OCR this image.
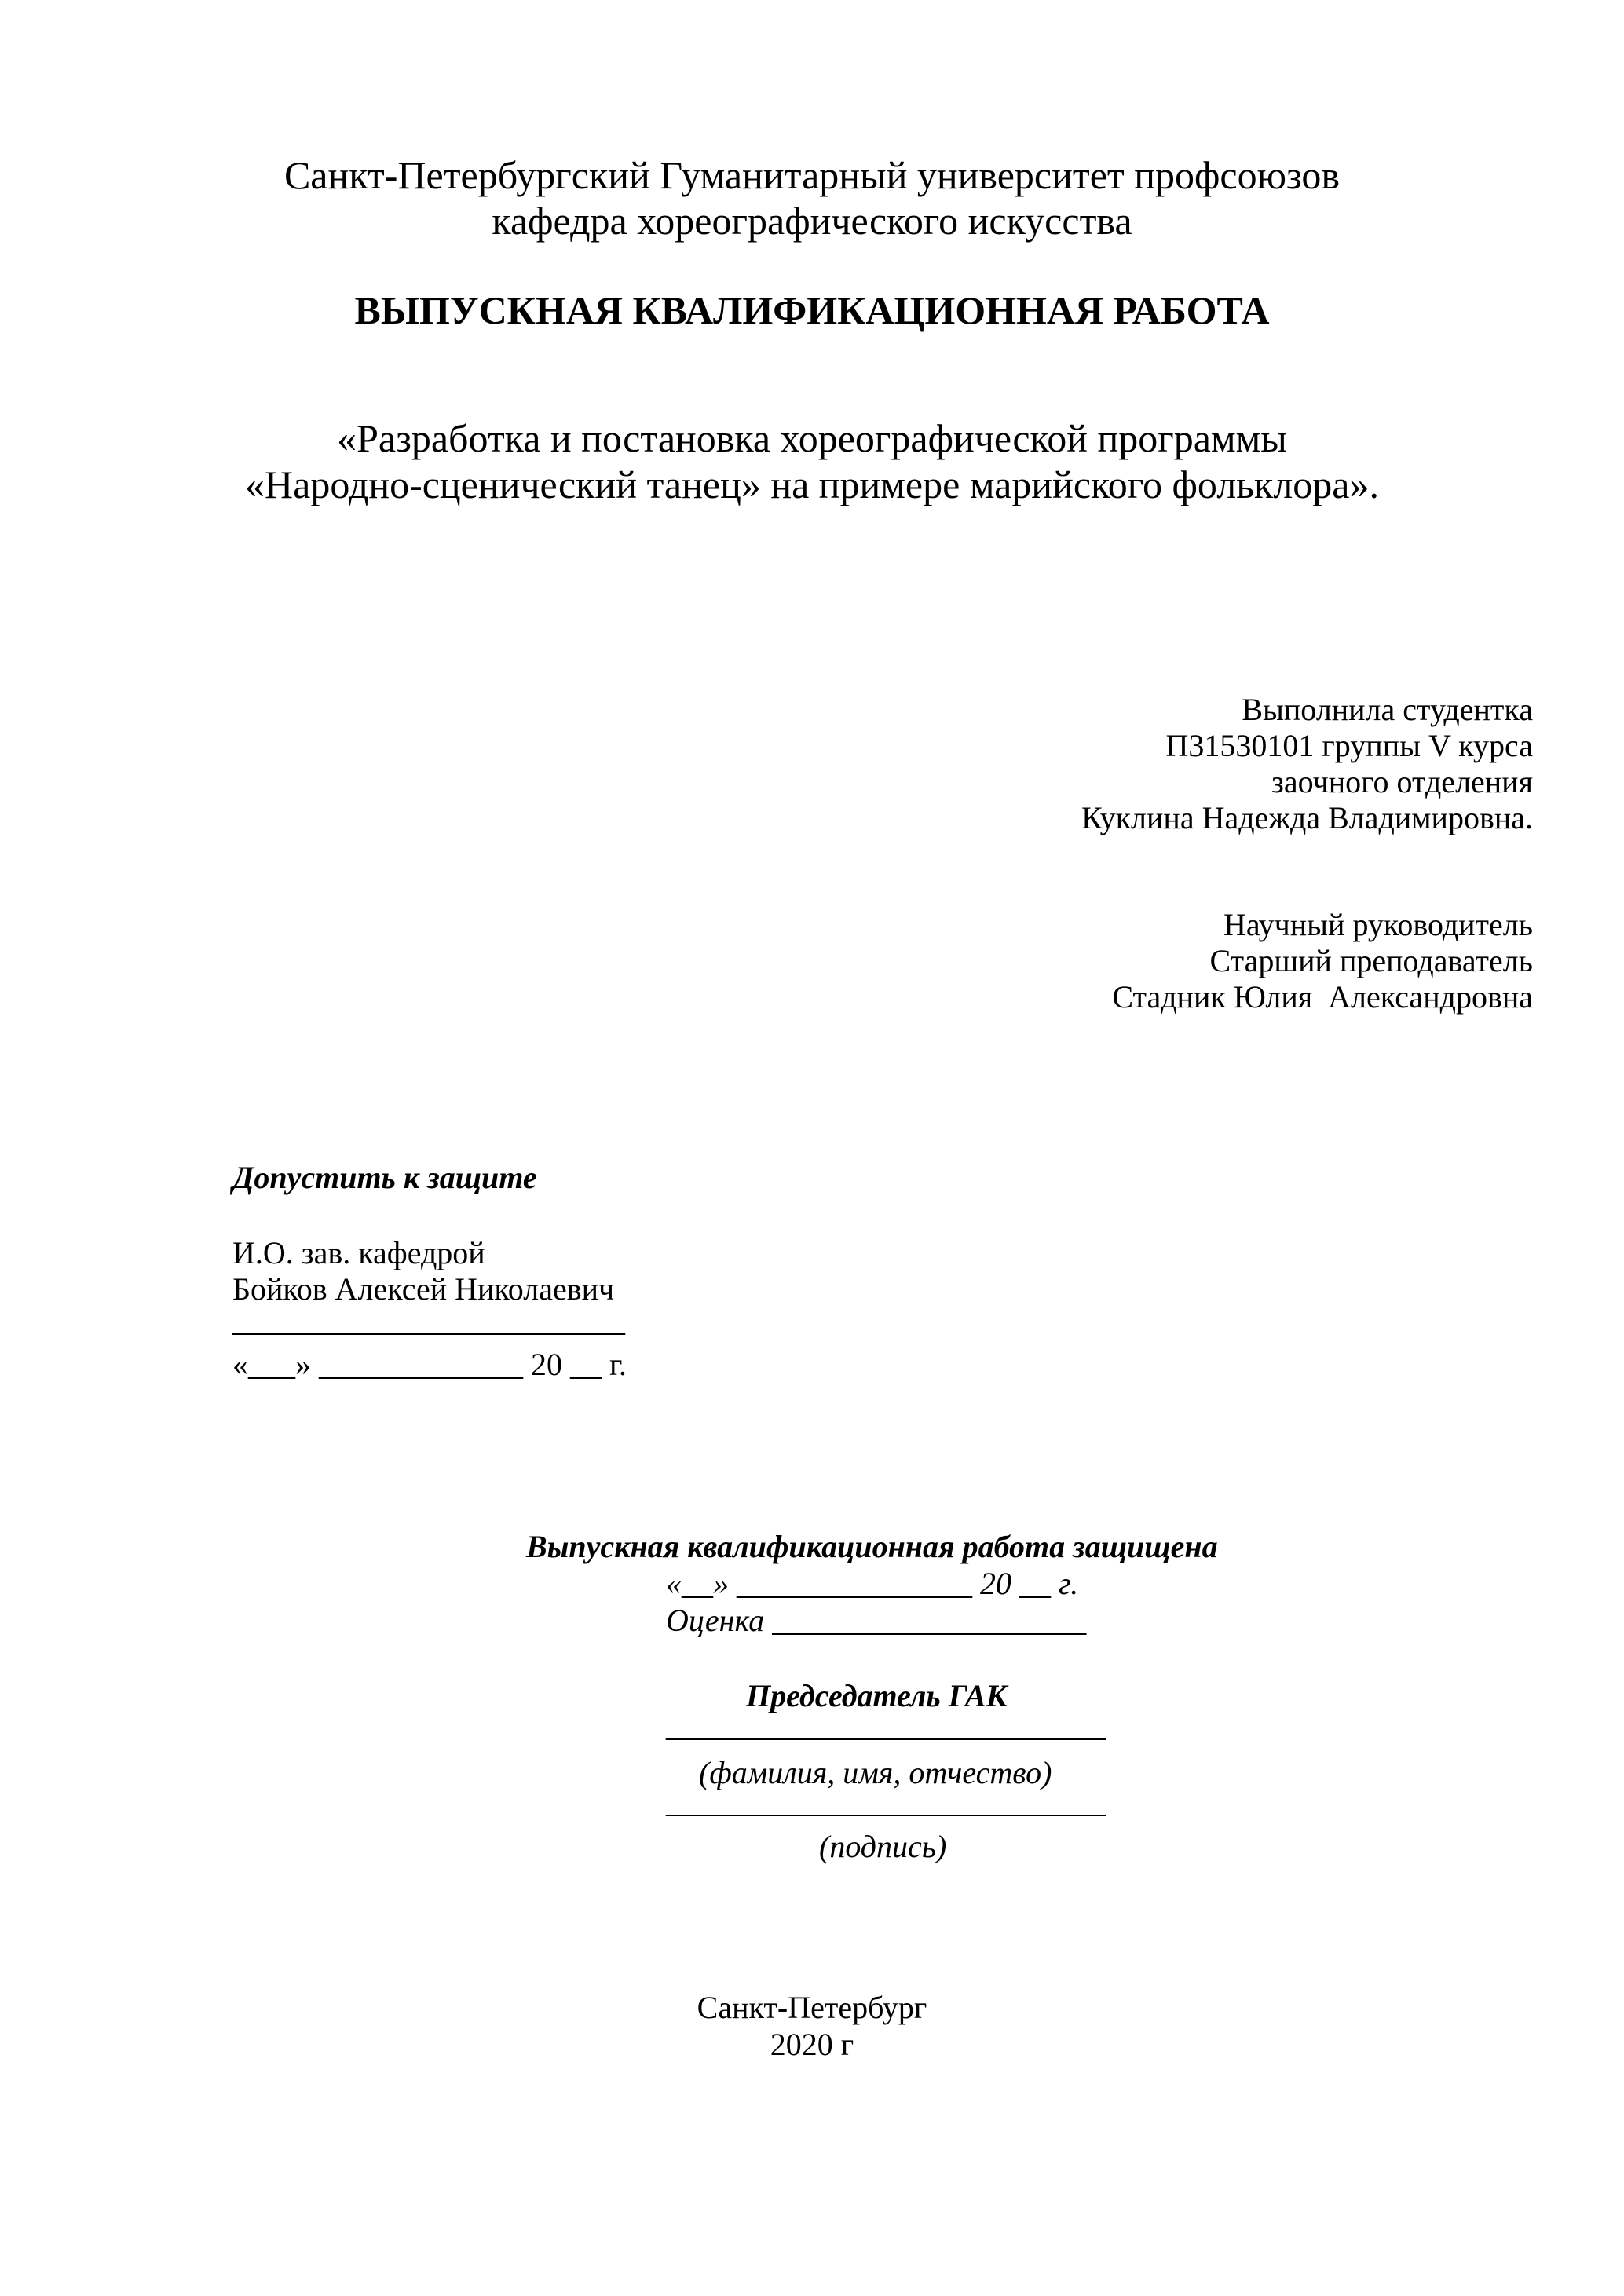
Санкт-Петербургский Гуманитарный университет профсоюзов
кафедра хореографического искусства
ВЫПУСКНАЯ КВАЛИФИКАЦИОННАЯ РАБОТА
«Разработка и постановка хореографической программы
«Народно-сценический танец» на примере марийского фольклора».
Выполнила студентка
П31530101 группы V курса
заочного отделения
Куклина Надежда Владимировна.
Научный руководитель
Старший преподаватель
Стадник Юлия  Александровна
Допустить к защите
И.О. зав. кафедрой
Бойков Алексей Николаевич
_________________________
«___» _____________ 20 __ г.
Выпускная квалификационная работа защищена
«__» _______________ 20 __ г.
Оценка ____________________
Председатель ГАК
____________________________
(фамилия, имя, отчество)
____________________________
(подпись)
Санкт-Петербург
2020 г
